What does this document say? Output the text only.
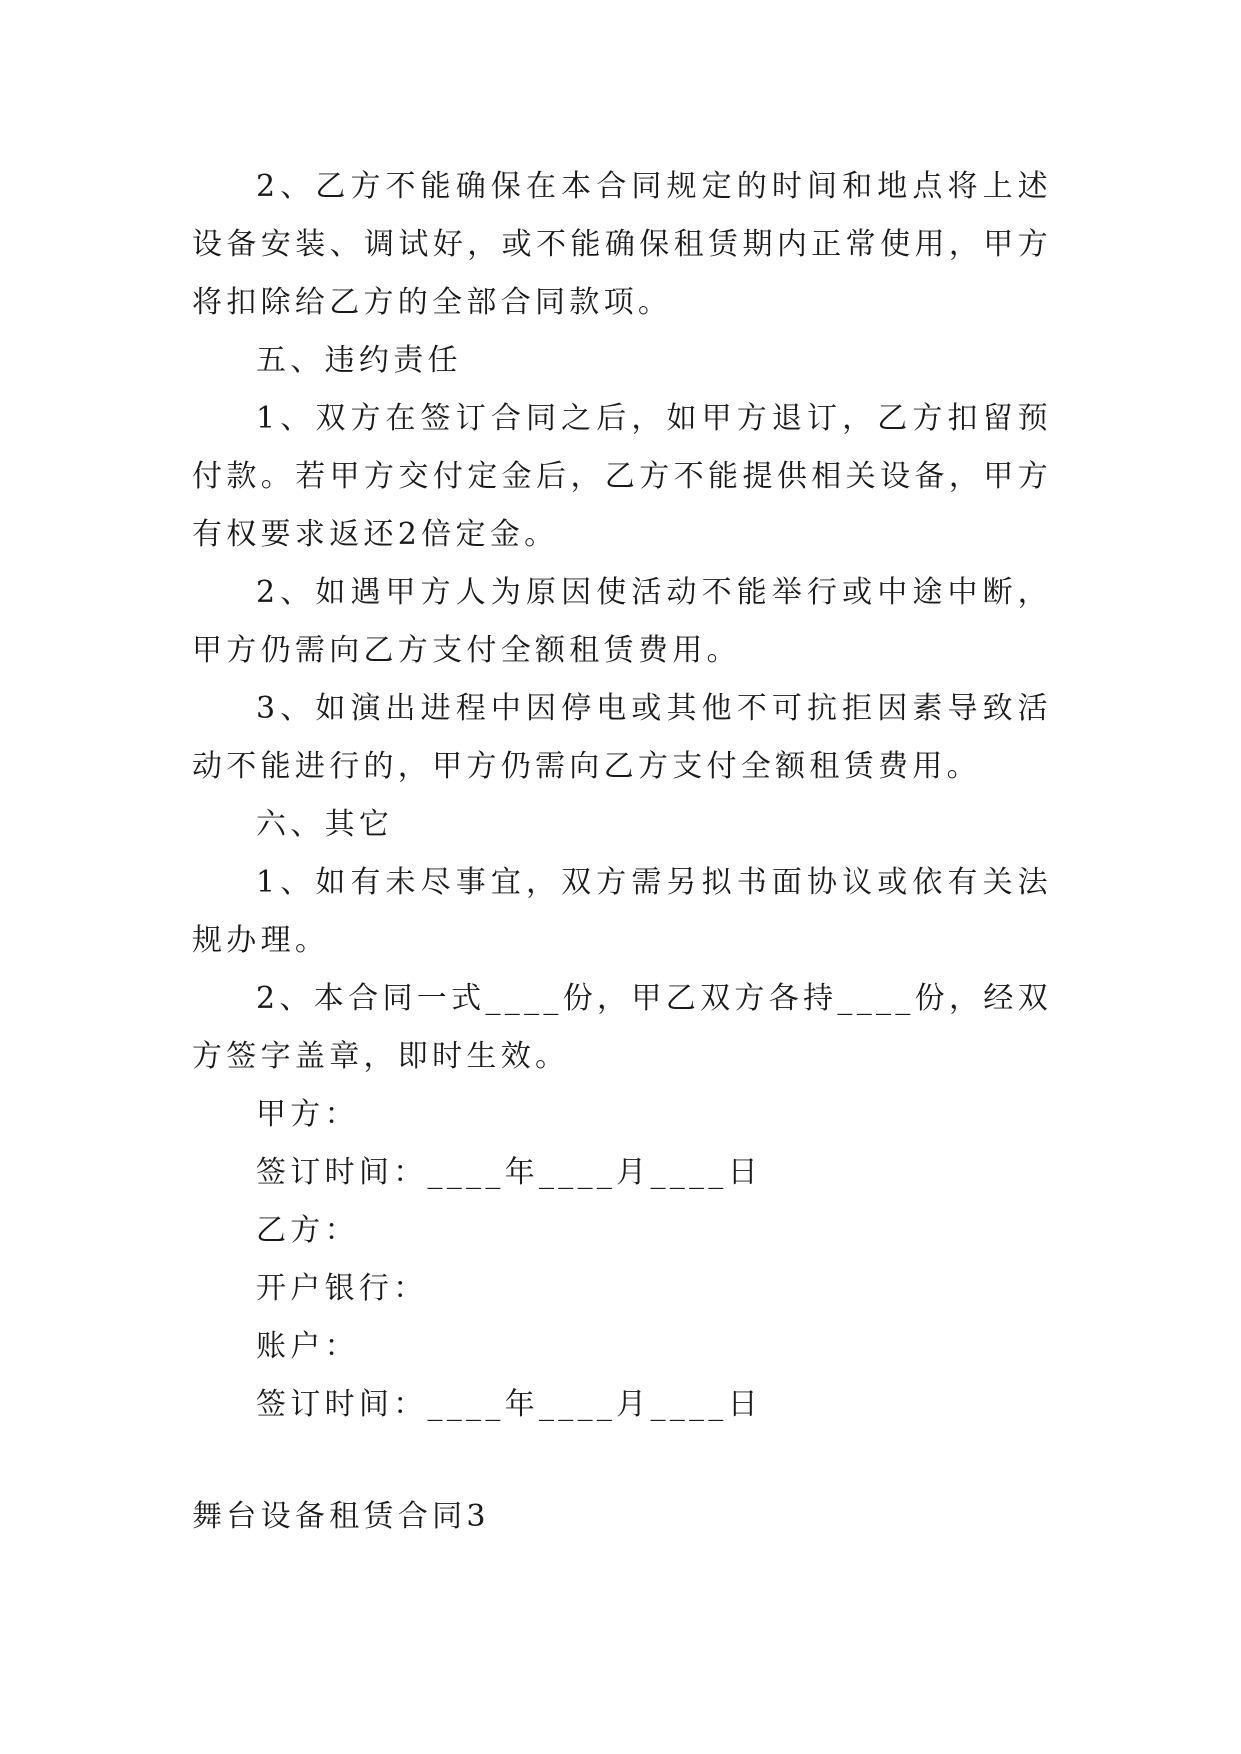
2、乙方不能确保在本合同规定的时间和地点将上述设备安装、调试好，或不能确保租赁期内正常使用，甲方将扣除给乙方的全部合同款项。

五、违约责任

1、双方在签订合同之后，如甲方退订，乙方扣留预付款。若甲方交付定金后，乙方不能提供相关设备，甲方有权要求返还2倍定金。

2、如遇甲方人为原因使活动不能举行或中途中断，甲方仍需向乙方支付全额租赁费用。

3、如演出进程中因停电或其他不可抗拒因素导致活动不能进行的，甲方仍需向乙方支付全额租赁费用。

六、其它

1、如有未尽事宜，双方需另拟书面协议或依有关法规办理。

2、本合同一式____份，甲乙双方各持____份，经双方签字盖章，即时生效。

甲方：

签订时间：____年____月____日

乙方：

开户银行：

账户：

签订时间：____年____月____日

舞台设备租赁合同3
